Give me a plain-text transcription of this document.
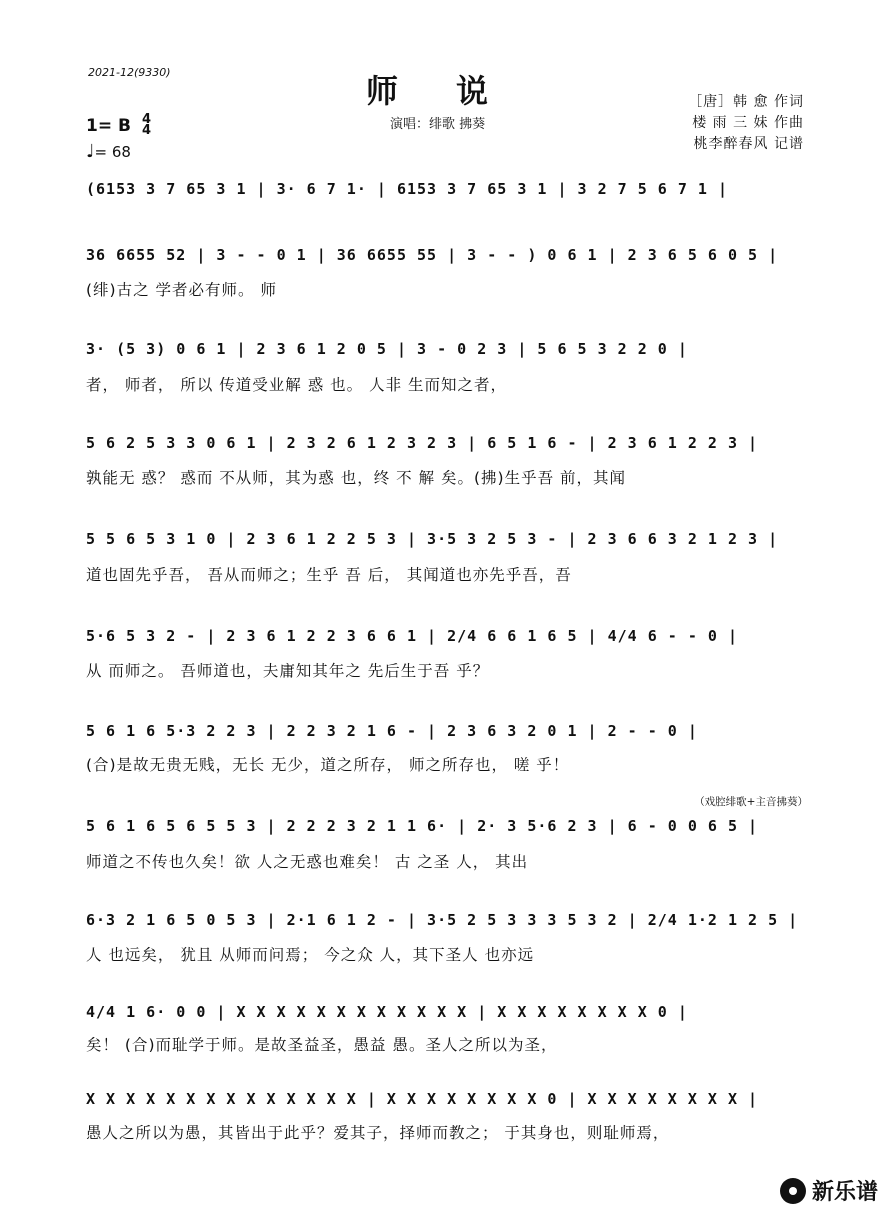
2021-12(9330)	师说
演唱：绯歌 拂葵
1= B 4
4
♩= 68
［唐］韩 愈 作词
楼 雨 三 妹 作曲
桃李醉春风 记谱
(6153 3 7 65 3 1 | 3· 6 7 1· | 6153 3 7 65 3 1 | 3 2 7 5 6 7 1 |
36 6655 52 | 3 - - 0 1 | 36 6655 55 | 3 - - ) 0 6 1 | 2 3 6 5 6 0 5 |
(绯)古之 学者必有师。 师
3· (5 3) 0 6 1 | 2 3 6 1 2 0 5 | 3 - 0 2 3 | 5 6 5 3 2 2 0 |
者， 师者， 所以 传道受业解 惑 也。 人非 生而知之者，
5 6 2 5 3 3 0 6 1 | 2 3 2 6 1 2 3 2 3 | 6 5 1 6 - | 2 3 6 1 2 2 3 |
孰能无 惑？ 惑而 不从师，其为惑 也，终 不 解 矣。(拂)生乎吾 前，其闻
5 5 6 5 3 1 0 | 2 3 6 1 2 2 5 3 | 3·5 3 2 5 3 - | 2 3 6 6 3 2 1 2 3 |
道也固先乎吾， 吾从而师之；生乎 吾 后， 其闻道也亦先乎吾，吾
5·6 5 3 2 - | 2 3 6 1 2 2 3 6 6 1 | 2/4 6 6 1 6 5 | 4/4 6 - - 0 |
从 而师之。 吾师道也，夫庸知其年之 先后生于吾 乎？
5 6 1 6 5·3 2 2 3 | 2 2 3 2 1 6 - | 2 3 6 3 2 0 1 | 2 - - 0 |
(合)是故无贵无贱，无长 无少，道之所存， 师之所存也， 嗟 乎！
（戏腔绯歌+主音拂葵）
5 6 1 6 5 6 5 5 3 | 2 2 2 3 2 1 1 6· | 2· 3 5·6 2 3 | 6 - 0 0 6 5 |
师道之不传也久矣！欲 人之无惑也难矣！ 古 之圣 人， 其出
6·3 2 1 6 5 0 5 3 | 2·1 6 1 2 - | 3·5 2 5 3 3 3 5 3 2 | 2/4 1·2 1 2 5 |
人 也远矣， 犹且 从师而问焉； 今之众 人，其下圣人 也亦远
4/4 1 6· 0 0 | X X X X X X X X X X X X | X X X X X X X X 0 |
矣！ (合)而耻学于师。是故圣益圣，愚益 愚。圣人之所以为圣，
X X X X X X X X X X X X X X | X X X X X X X X 0 | X X X X X X X X |
愚人之所以为愚，其皆出于此乎？爱其子，择师而教之； 于其身也，则耻师焉，
新乐谱
